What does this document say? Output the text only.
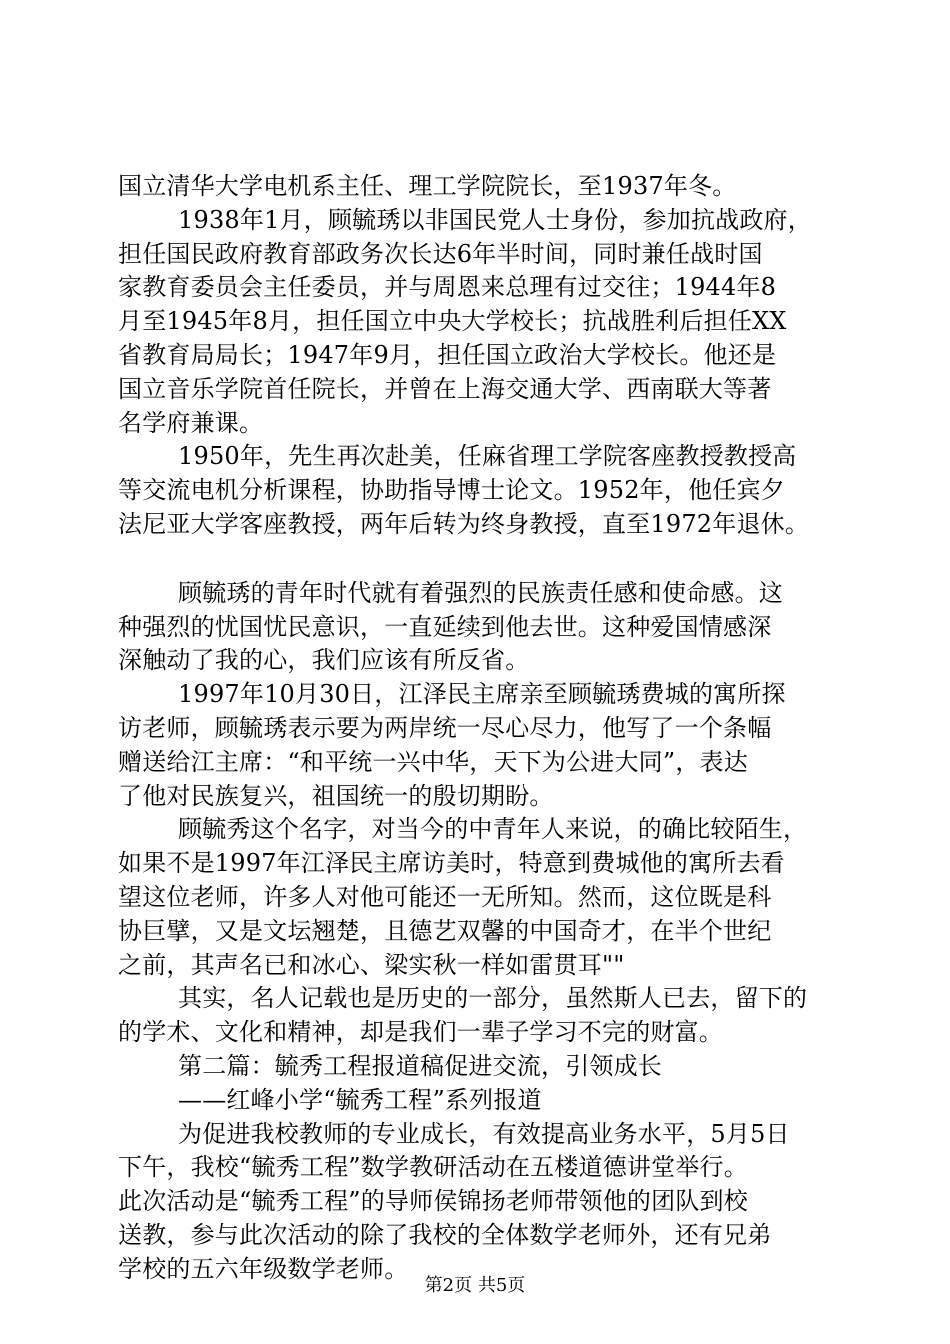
国立清华大学电机系主任、理工学院院长，至1937年冬。
1938年1月，顾毓琇以非国民党人士身份，参加抗战政府，
担任国民政府教育部政务次长达6年半时间，同时兼任战时国
家教育委员会主任委员，并与周恩来总理有过交往；1944年8
月至1945年8月，担任国立中央大学校长；抗战胜利后担任XX
省教育局局长；1947年9月，担任国立政治大学校长。他还是
国立音乐学院首任院长，并曾在上海交通大学、西南联大等著
名学府兼课。
1950年，先生再次赴美，任麻省理工学院客座教授教授高
等交流电机分析课程，协助指导博士论文。1952年，他任宾夕
法尼亚大学客座教授，两年后转为终身教授，直至1972年退休。
顾毓琇的青年时代就有着强烈的民族责任感和使命感。这
种强烈的忧国忧民意识，一直延续到他去世。这种爱国情感深
深触动了我的心，我们应该有所反省。
1997年10月30日，江泽民主席亲至顾毓琇费城的寓所探
访老师，顾毓琇表示要为两岸统一尽心尽力，他写了一个条幅
赠送给江主席：“和平统一兴中华，天下为公进大同”，表达
了他对民族复兴，祖国统一的殷切期盼。
顾毓秀这个名字，对当今的中青年人来说，的确比较陌生，
如果不是1997年江泽民主席访美时，特意到费城他的寓所去看
望这位老师，许多人对他可能还一无所知。然而，这位既是科
协巨擘，又是文坛翘楚，且德艺双馨的中国奇才，在半个世纪
之前，其声名已和冰心、梁实秋一样如雷贯耳""
其实，名人记载也是历史的一部分，虽然斯人已去，留下的
的学术、文化和精神，却是我们一辈子学习不完的财富。
第二篇：毓秀工程报道稿促进交流，引领成长
——红峰小学“毓秀工程”系列报道
为促进我校教师的专业成长，有效提高业务水平，5月5日
下午，我校“毓秀工程”数学教研活动在五楼道德讲堂举行。
此次活动是“毓秀工程”的导师侯锦扬老师带领他的团队到校
送教，参与此次活动的除了我校的全体数学老师外，还有兄弟
学校的五六年级数学老师。
第2页 共5页
